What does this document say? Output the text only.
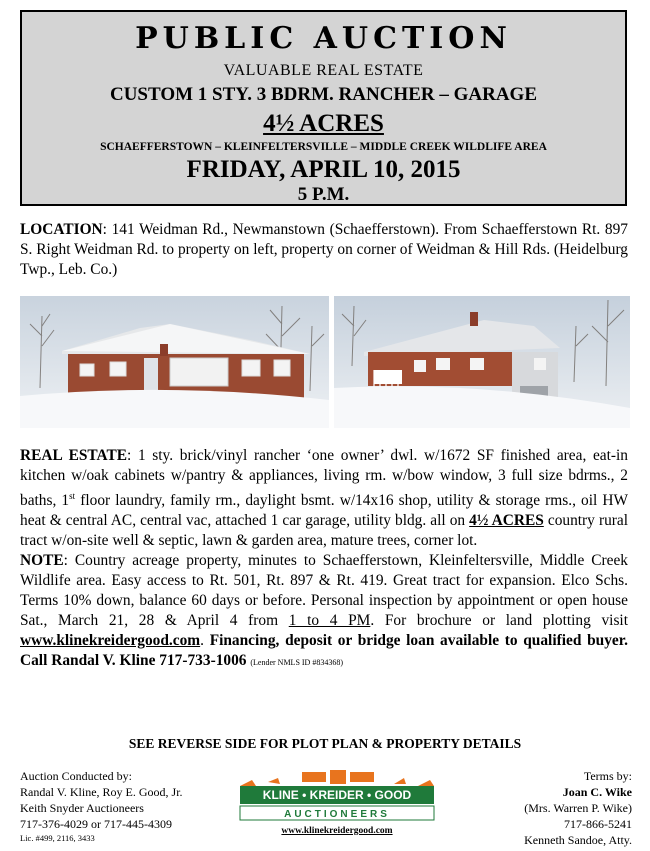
PUBLIC AUCTION
VALUABLE REAL ESTATE
CUSTOM 1 STY. 3 BDRM. RANCHER – GARAGE
4½ ACRES
SCHAEFFERSTOWN – KLEINFELTERSVILLE – MIDDLE CREEK WILDLIFE AREA
FRIDAY, APRIL 10, 2015
5 P.M.
LOCATION: 141 Weidman Rd., Newmanstown (Schaefferstown). From Schaefferstown Rt. 897 S. Right Weidman Rd. to property on left, property on corner of Weidman & Hill Rds. (Heidelburg Twp., Leb. Co.)
REAL ESTATE: 1 sty. brick/vinyl rancher ‘one owner’ dwl. w/1672 SF finished area, eat-in kitchen w/oak cabinets w/pantry & appliances, living rm. w/bow window, 3 full size bdrms., 2 baths, 1st floor laundry, family rm., daylight bsmt. w/14x16 shop, utility & storage rms., oil HW heat & central AC, central vac, attached 1 car garage, utility bldg. all on 4½ ACRES country rural tract w/on-site well & septic, lawn & garden area, mature trees, corner lot.
NOTE: Country acreage property, minutes to Schaefferstown, Kleinfeltersville, Middle Creek Wildlife area. Easy access to Rt. 501, Rt. 897 & Rt. 419. Great tract for expansion. Elco Schs. Terms 10% down, balance 60 days or before. Personal inspection by appointment or open house Sat., March 21, 28 & April 4 from 1 to 4 PM. For brochure or land plotting visit www.klinekreidergood.com. Financing, deposit or bridge loan available to qualified buyer. Call Randal V. Kline 717-733-1006 (Lender NMLS ID #834368)
SEE REVERSE SIDE FOR PLOT PLAN & PROPERTY DETAILS
Auction Conducted by:
Randal V. Kline, Roy E. Good, Jr.
Keith Snyder Auctioneers
717-376-4029 or 717-445-4309
Lic. #499, 2116, 3433
KLINE • KREIDER • GOOD
AUCTIONEERS
www.klinekreidergood.com
Terms by:
Joan C. Wike
(Mrs. Warren P. Wike)
717-866-5241
Kenneth Sandoe, Atty.
